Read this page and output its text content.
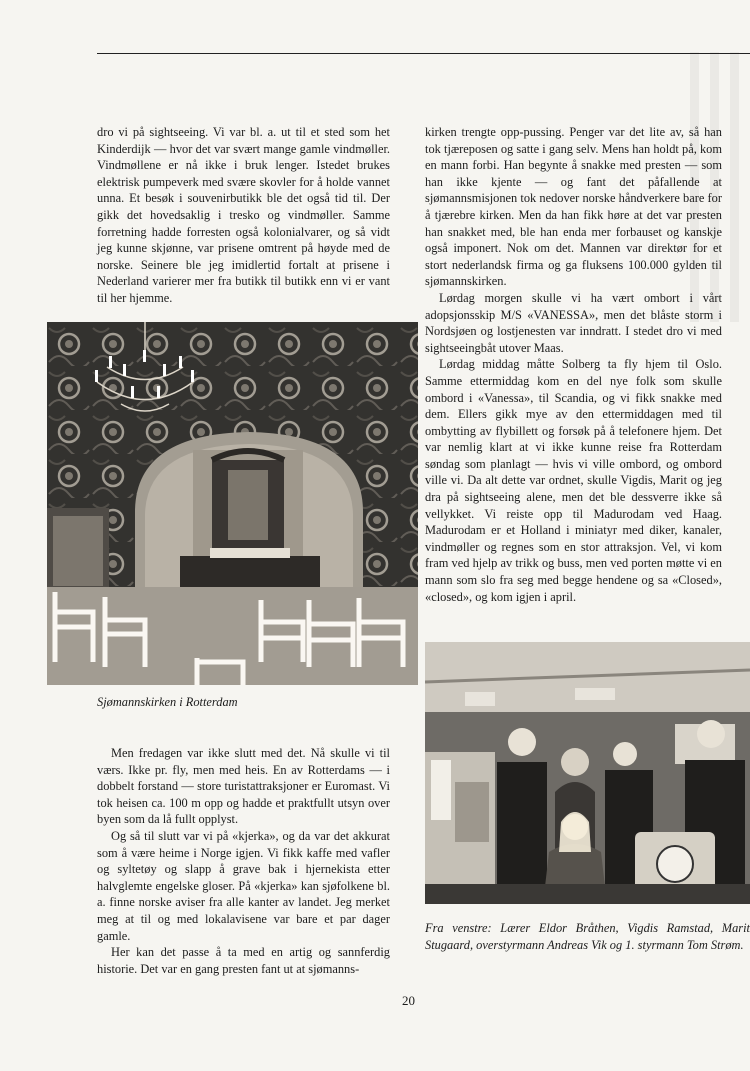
dro vi på sightseeing. Vi var bl. a. ut til et sted som het Kinderdijk — hvor det var svært mange gamle vindmøller. Vindmøllene er nå ikke i bruk lenger. Istedet brukes elektrisk pumpeverk med svære skovler for å holde vannet unna. Et besøk i souvenirbutikk ble det også tid til. Der gikk det hovedsaklig i tresko og vindmøller. Samme forretning hadde forresten også kolonialvarer, og så vidt jeg kunne skjønne, var prisene omtrent på høyde med de norske. Seinere ble jeg imidlertid fortalt at prisene i Nederland varierer mer fra butikk til butikk enn vi er vant til her hjemme.

Sjømannskirken i Rotterdam

Men fredagen var ikke slutt med det. Nå skulle vi til værs. Ikke pr. fly, men med heis. En av Rotterdams — i dobbelt forstand — store turistattraksjoner er Euromast. Vi tok heisen ca. 100 m opp og hadde et praktfullt utsyn over byen som da lå fullt opplyst.

Og så til slutt var vi på «kjerka», og da var det akkurat som å være heime i Norge igjen. Vi fikk kaffe med vafler og syltetøy og slapp å grave bak i hjernekista etter halvglemte engelske gloser. På «kjerka» kan sjøfolkene bl. a. finne norske aviser fra alle kanter av landet. Jeg merket meg at til og med lokalavisene var bare et par dager gamle.

Her kan det passe å ta med en artig og sannferdig historie. Det var en gang presten fant ut at sjømanns-

kirken trengte opp-pussing. Penger var det lite av, så han tok tjæreposen og satte i gang selv. Mens han holdt på, kom en mann forbi. Han begynte å snakke med presten — som han ikke kjente — og fant det påfallende at sjømannsmisjonen tok nedover norske håndverkere bare for å tjærebre kirken. Men da han fikk høre at det var presten han snakket med, ble han enda mer forbauset og kanskje også imponert. Nok om det. Mannen var direktør for et stort nederlandsk firma og ga fluksens 100.000 gylden til sjømannskirken.

Lørdag morgen skulle vi ha vært ombort i vårt adopsjonsskip M/S «VANESSA», men det blåste storm i Nordsjøen og lostjenesten var inndratt. I stedet dro vi med sightseeingbåt utover Maas.

Lørdag middag måtte Solberg ta fly hjem til Oslo. Samme ettermiddag kom en del nye folk som skulle ombord i «Vanessa», til Scandia, og vi fikk snakke med dem. Ellers gikk mye av den ettermiddagen med til ombytting av flybillett og forsøk på å telefonere hjem. Det var nemlig klart at vi ikke kunne reise fra Rotterdam søndag som planlagt — hvis vi ville ombord, og ombord ville vi. Da alt dette var ordnet, skulle Vigdis, Marit og jeg dra på sightseeing alene, men det ble dessverre ikke så vellykket. Vi reiste opp til Madurodam ved Haag. Madurodam er et Holland i miniatyr med diker, kanaler, vindmøller og regnes som en stor attraksjon. Vel, vi kom fram ved hjelp av trikk og buss, men ved porten møtte vi en mann som slo fra seg med begge hendene og sa «Closed», «closed», og kom igjen i april.

Fra venstre: Lærer Eldor Bråthen, Vigdis Ramstad, Marit Stugaard, overstyrmann Andreas Vik og 1. styrmann Tom Strøm.
20
